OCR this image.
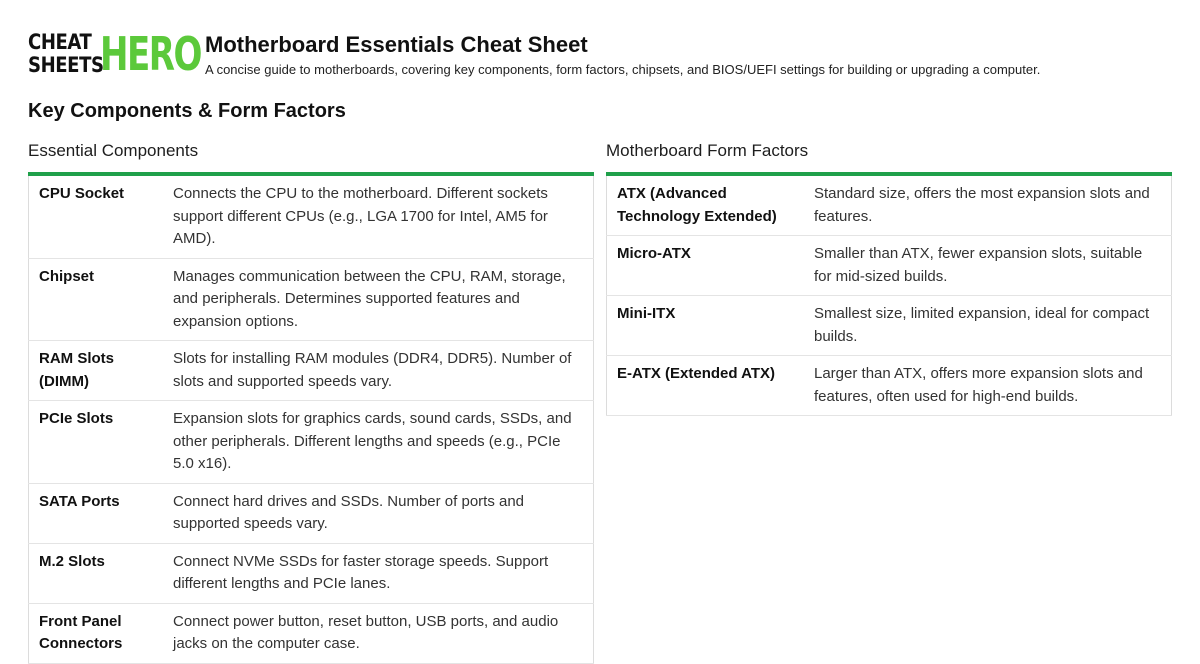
CHEAT
SHEETS
HERO Motherboard Essentials Cheat Sheet
A concise guide to motherboards, covering key components, form factors, chipsets, and BIOS/UEFI settings for building or upgrading a computer.
Key Components & Form Factors
Essential Components
CPU Socket	Connects the CPU to the motherboard. Different sockets support different CPUs (e.g., LGA 1700 for Intel, AM5 for AMD).
Chipset	Manages communication between the CPU, RAM, storage, and peripherals. Determines supported features and expansion options.
RAM Slots (DIMM)	Slots for installing RAM modules (DDR4, DDR5). Number of slots and supported speeds vary.
PCIe Slots	Expansion slots for graphics cards, sound cards, SSDs, and other peripherals. Different lengths and speeds (e.g., PCIe 5.0 x16).
SATA Ports	Connect hard drives and SSDs. Number of ports and supported speeds vary.
M.2 Slots	Connect NVMe SSDs for faster storage speeds. Support different lengths and PCIe lanes.
Front Panel Connectors	Connect power button, reset button, USB ports, and audio jacks on the computer case.
Motherboard Form Factors
ATX (Advanced Technology Extended)	Standard size, offers the most expansion slots and features.
Micro-ATX	Smaller than ATX, fewer expansion slots, suitable for mid-sized builds.
Mini-ITX	Smallest size, limited expansion, ideal for compact builds.
E-ATX (Extended ATX)	Larger than ATX, offers more expansion slots and features, often used for high-end builds.
